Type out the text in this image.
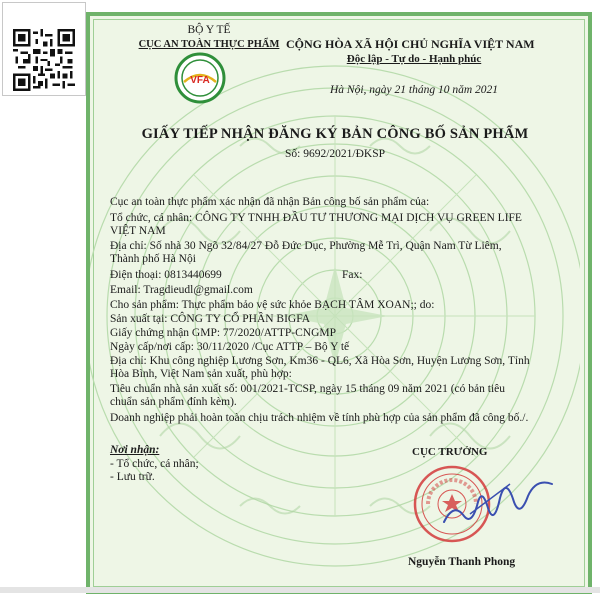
BỘ Y TẾ
CỤC AN TOÀN THỰC PHẨM
VFA
CỘNG HÒA XÃ HỘI CHỦ NGHĨA VIỆT NAM
Độc lập - Tự do - Hạnh phúc
Hà Nội, ngày 21 tháng 10 năm 2021
GIẤY TIẾP NHẬN ĐĂNG KÝ BẢN CÔNG BỐ SẢN PHẨM
Số: 9692/2021/ĐKSP
Cục an toàn thực phẩm xác nhận đã nhận Bản công bố sản phẩm của:
Tổ chức, cá nhân: CÔNG TY TNHH ĐẦU TƯ THƯƠNG MẠI DỊCH VỤ GREEN LIFE
VIỆT NAM
Địa chỉ: Số nhà 30 Ngõ 32/84/27 Đỗ Đức Dục, Phường Mễ Trì, Quận Nam Từ Liêm,
Thành phố Hà Nội
Điện thoại: 0813440699	Fax:
Email: Tragdieudl@gmail.com
Cho sản phẩm: Thực phẩm bảo vệ sức khỏe BẠCH TÂM XOAN;; do:
Sản xuất tại: CÔNG TY CỔ PHẦN BIGFA
Giấy chứng nhận GMP: 77/2020/ATTP-CNGMP
Ngày cấp/nơi cấp: 30/11/2020 /Cục ATTP – Bộ Y tế
Địa chỉ: Khu công nghiệp Lương Sơn, Km36 - QL6, Xã Hòa Sơn, Huyện Lương Sơn, Tỉnh
Hòa Bình, Việt Nam sản xuất, phù hợp:
Tiêu chuẩn nhà sản xuất số: 001/2021-TCSP, ngày 15 tháng 09 năm 2021 (có bản tiêu
chuẩn sản phẩm đính kèm).
Doanh nghiệp phải hoàn toàn chịu trách nhiệm về tính phù hợp của sản phẩm đã công bố./.
Nơi nhận:
- Tổ chức, cá nhân;
- Lưu trữ.
CỤC TRƯỞNG
Nguyễn Thanh Phong
